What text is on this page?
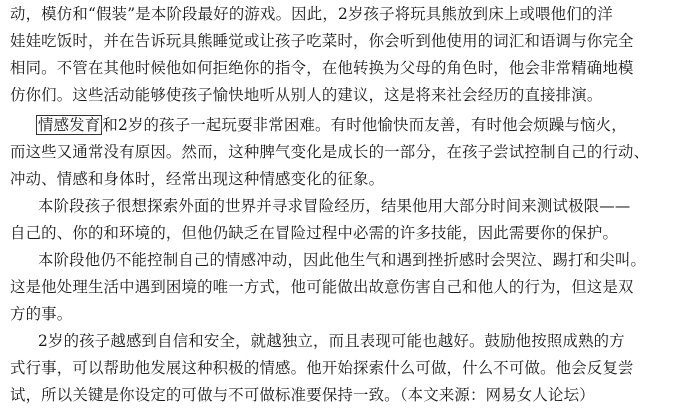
动，模仿和“假装”是本阶段最好的游戏。因此，2岁孩子将玩具熊放到床上或喂他们的洋
娃娃吃饭时，并在告诉玩具熊睡觉或让孩子吃菜时，你会听到他使用的词汇和语调与你完全
相同。不管在其他时候他如何拒绝你的指令，在他转换为父母的角色时，他会非常精确地模
仿你们。这些活动能够使孩子愉快地听从别人的建议，这是将来社会经历的直接排演。
情感发育 和2岁的孩子一起玩耍非常困难。有时他愉快而友善，有时他会烦躁与恼火，
而这些又通常没有原因。然而，这种脾气变化是成长的一部分，在孩子尝试控制自己的行动、
冲动、情感和身体时，经常出现这种情感变化的征象。
本阶段孩子很想探索外面的世界并寻求冒险经历，结果他用大部分时间来测试极限——
自己的、你的和环境的，但他仍缺乏在冒险过程中必需的许多技能，因此需要你的保护。
本阶段他仍不能控制自己的情感冲动，因此他生气和遇到挫折感时会哭泣、踢打和尖叫。
这是他处理生活中遇到困境的唯一方式，他可能做出故意伤害自己和他人的行为，但这是双
方的事。
2岁的孩子越感到自信和安全，就越独立，而且表现可能也越好。鼓励他按照成熟的方
式行事，可以帮助他发展这种积极的情感。他开始探索什么可做，什么不可做。他会反复尝
试，所以关键是你设定的可做与不可做标准要保持一致。（本文来源：网易女人论坛）
